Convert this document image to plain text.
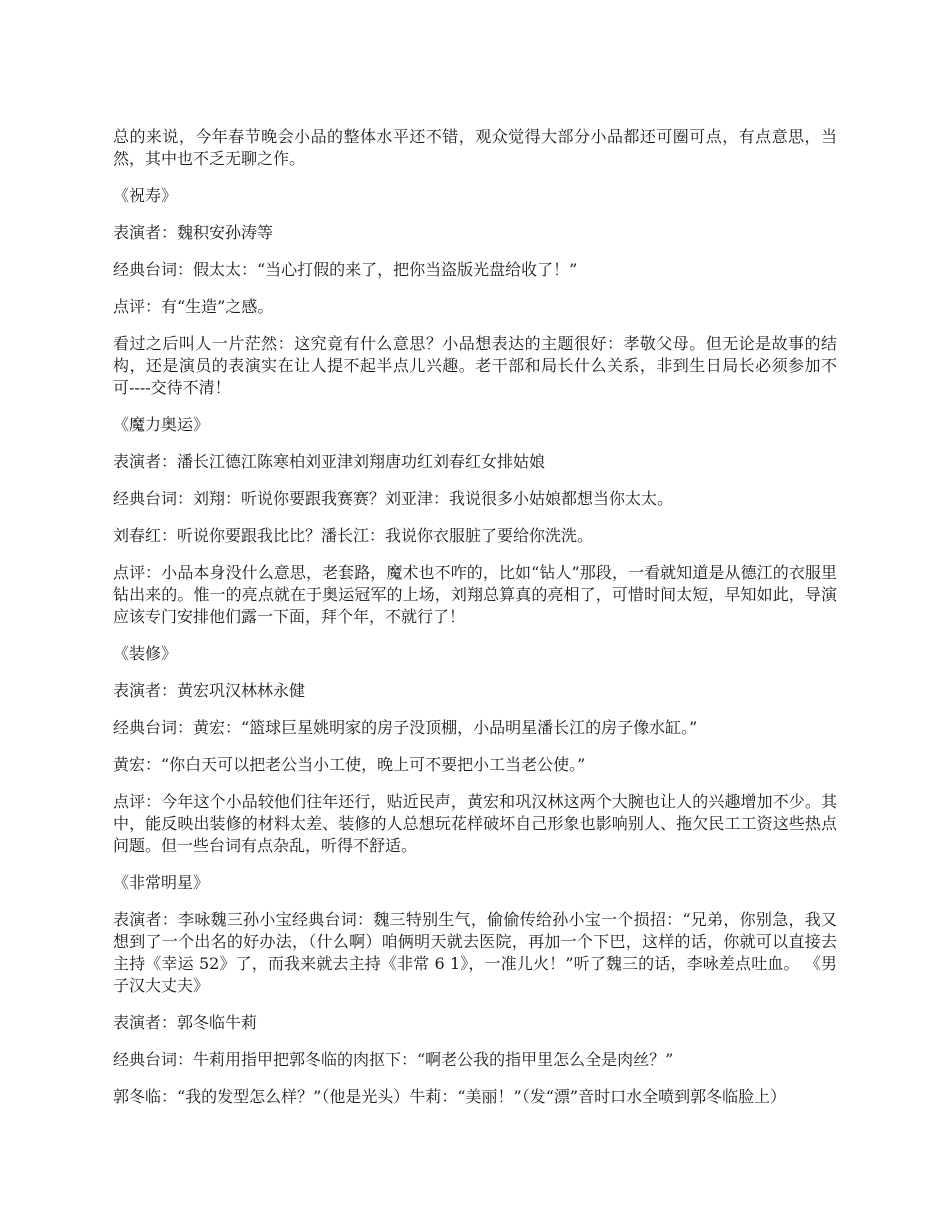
总的来说，今年春节晚会小品的整体水平还不错，观众觉得大部分小品都还可圈可点，有点意思，当然，其中也不乏无聊之作。

《祝寿》

表演者：魏积安孙涛等

经典台词：假太太：“当心打假的来了，把你当盗版光盘给收了！”

点评：有“生造”之感。

看过之后叫人一片茫然：这究竟有什么意思？小品想表达的主题很好：孝敬父母。但无论是故事的结构，还是演员的表演实在让人提不起半点儿兴趣。老干部和局长什么关系，非到生日局长必须参加不可----交待不清！

《魔力奥运》

表演者：潘长江德江陈寒柏刘亚津刘翔唐功红刘春红女排姑娘

经典台词：刘翔：听说你要跟我赛赛？刘亚津：我说很多小姑娘都想当你太太。

刘春红：听说你要跟我比比？潘长江：我说你衣服脏了要给你洗洗。

点评：小品本身没什么意思，老套路，魔术也不咋的，比如“钻人”那段，一看就知道是从德江的衣服里钻出来的。惟一的亮点就在于奥运冠军的上场，刘翔总算真的亮相了，可惜时间太短，早知如此，导演应该专门安排他们露一下面，拜个年，不就行了！

《装修》

表演者：黄宏巩汉林林永健

经典台词：黄宏：“篮球巨星姚明家的房子没顶棚，小品明星潘长江的房子像水缸。”

黄宏：“你白天可以把老公当小工使，晚上可不要把小工当老公使。”

点评：今年这个小品较他们往年还行，贴近民声，黄宏和巩汉林这两个大腕也让人的兴趣增加不少。其中，能反映出装修的材料太差、装修的人总想玩花样破坏自己形象也影响别人、拖欠民工工资这些热点问题。但一些台词有点杂乱，听得不舒适。

《非常明星》

表演者：李咏魏三孙小宝经典台词：魏三特别生气，偷偷传给孙小宝一个损招：“兄弟，你别急，我又想到了一个出名的好办法，（什么啊）咱俩明天就去医院，再加一个下巴，这样的话，你就可以直接去主持《幸运 52》了，而我来就去主持《非常 6 1》，一准儿火！”听了魏三的话，李咏差点吐血。 《男子汉大丈夫》

表演者：郭冬临牛莉

经典台词：牛莉用指甲把郭冬临的肉抠下：“啊老公我的指甲里怎么全是肉丝？”

郭冬临：“我的发型怎么样？”（他是光头）牛莉：“美丽！”（发“漂”音时口水全喷到郭冬临脸上）
